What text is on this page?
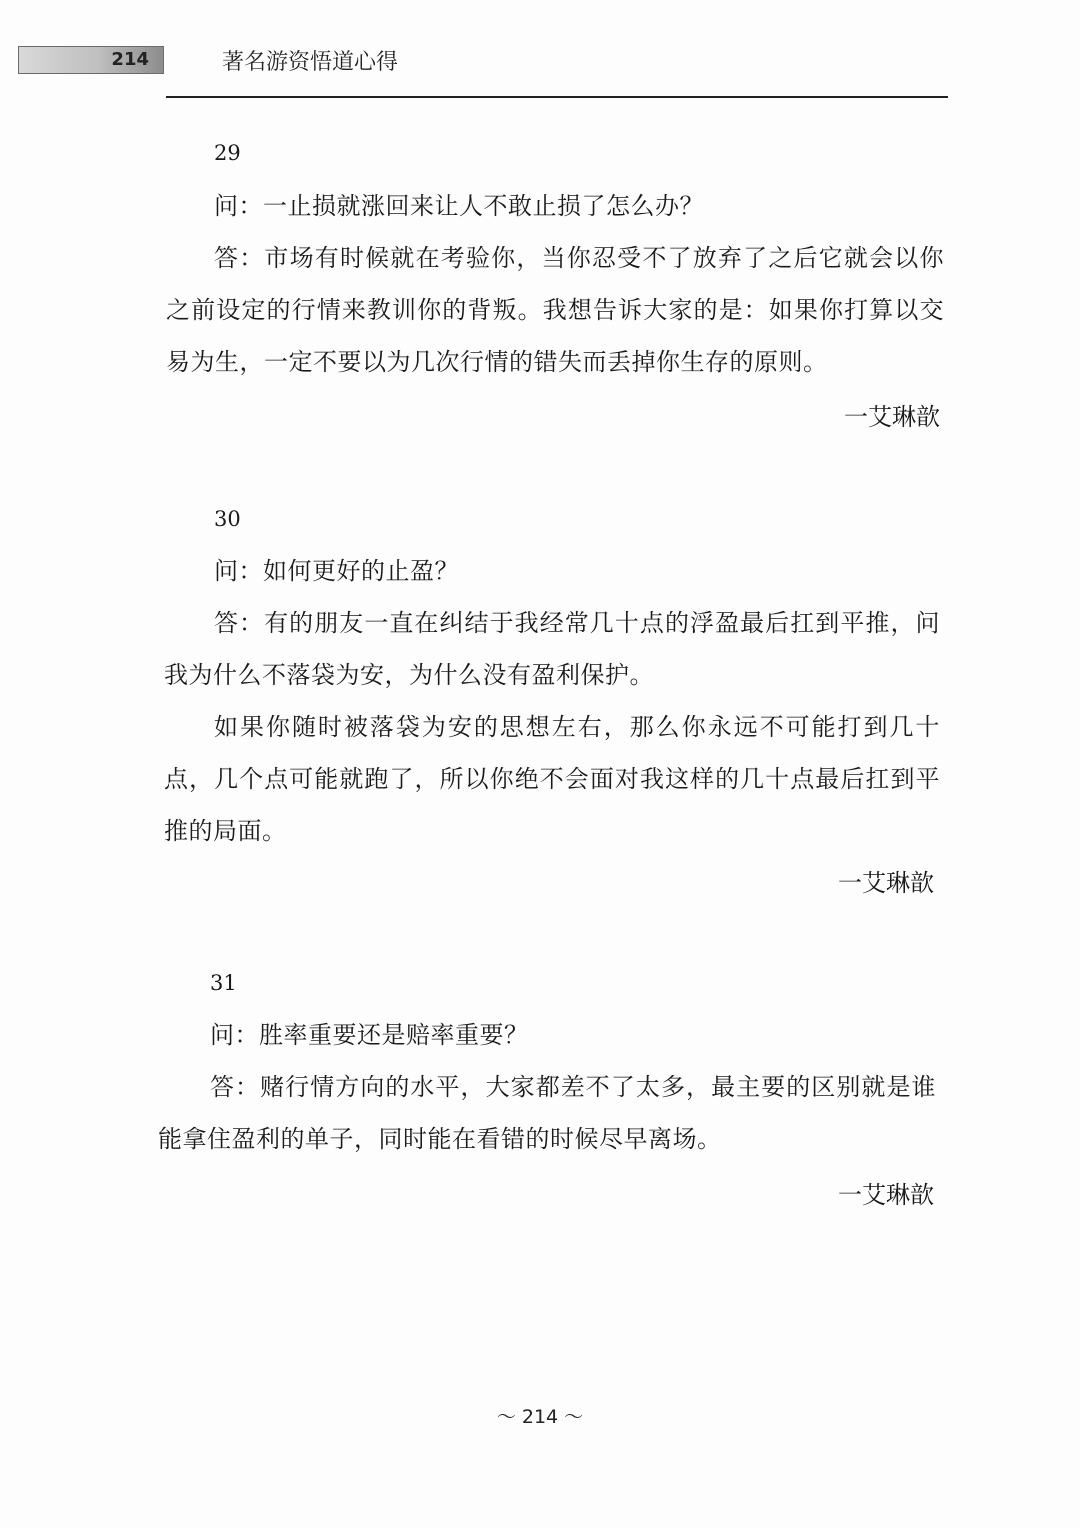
214	著名游资悟道心得
29
问：一止损就涨回来让人不敢止损了怎么办？
答：市场有时候就在考验你，当你忍受不了放弃了之后它就会以你之前设定的行情来教训你的背叛。我想告诉大家的是：如果你打算以交易为生，一定不要以为几次行情的错失而丢掉你生存的原则。
一艾琳歆
30
问：如何更好的止盈？
答：有的朋友一直在纠结于我经常几十点的浮盈最后扛到平推，问我为什么不落袋为安，为什么没有盈利保护。
如果你随时被落袋为安的思想左右，那么你永远不可能打到几十点，几个点可能就跑了，所以你绝不会面对我这样的几十点最后扛到平推的局面。
一艾琳歆
31
问：胜率重要还是赔率重要？
答：赌行情方向的水平，大家都差不了太多，最主要的区别就是谁能拿住盈利的单子，同时能在看错的时候尽早离场。
一艾琳歆
～ 214 ～
